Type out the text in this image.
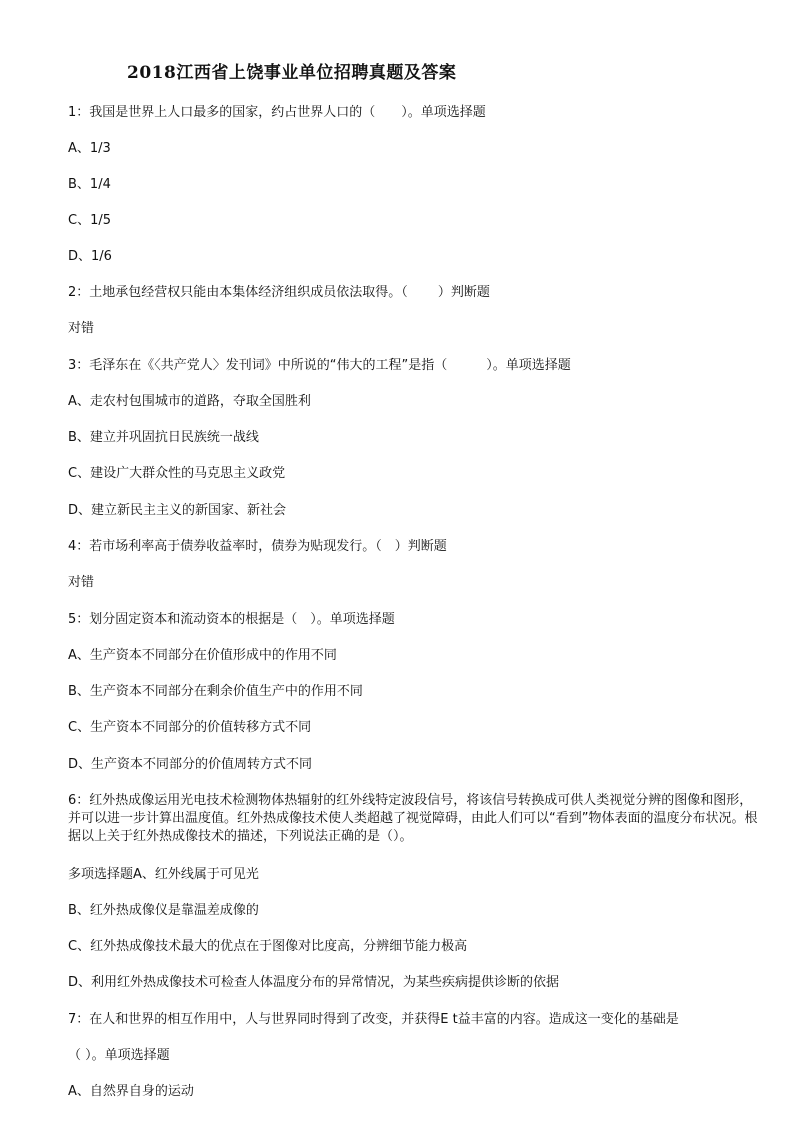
2018江西省上饶事业单位招聘真题及答案
1：我国是世界上人口最多的国家，约占世界人口的（　　）。单项选择题
A、1/3
B、1/4
C、1/5
D、1/6
2：土地承包经营权只能由本集体经济组织成员依法取得。（　　 ）判断题
对错
3：毛泽东在《〈共产党人〉发刊词》中所说的“伟大的工程”是指（　　　）。单项选择题
A、走农村包围城市的道路，夺取全国胜利
B、建立并巩固抗日民族统一战线
C、建设广大群众性的马克思主义政党
D、建立新民主主义的新国家、新社会
4：若市场利率高于债券收益率时，债券为贴现发行。（　）判断题
对错
5：划分固定资本和流动资本的根据是（　）。单项选择题
A、生产资本不同部分在价值形成中的作用不同
B、生产资本不同部分在剩余价值生产中的作用不同
C、生产资本不同部分的价值转移方式不同
D、生产资本不同部分的价值周转方式不同
6：红外热成像运用光电技术检测物体热辐射的红外线特定波段信号，将该信号转换成可供人类视觉分辨的图像和图形，并可以进一步计算出温度值。红外热成像技术使人类超越了视觉障碍，由此人们可以“看到”物体表面的温度分布状况。根据以上关于红外热成像技术的描述，下列说法正确的是（）。
多项选择题A、红外线属于可见光
B、红外热成像仪是靠温差成像的
C、红外热成像技术最大的优点在于图像对比度高，分辨细节能力极高
D、利用红外热成像技术可检查人体温度分布的异常情况，为某些疾病提供诊断的依据
7：在人和世界的相互作用中，人与世界同时得到了改变，并获得E t益丰富的内容。造成这一变化的基础是
（ ）。单项选择题
A、自然界自身的运动
